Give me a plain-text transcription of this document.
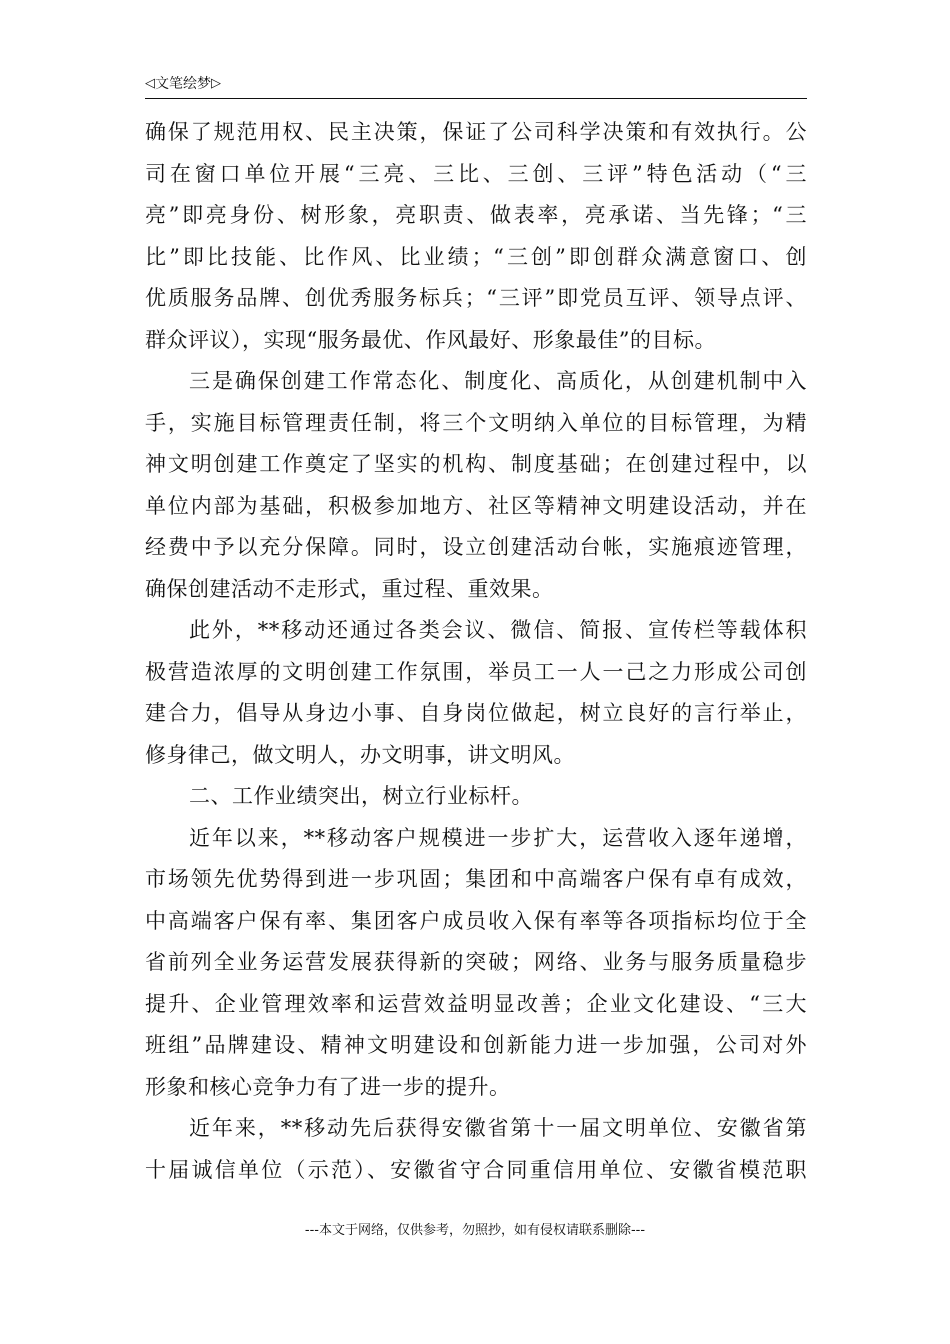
◁ 文笔绘梦 ▷
确保了规范用权、民主决策，保证了公司科学决策和有效执行。公
司在窗口单位开展“三亮、三比、三创、三评”特色活动（“三
亮”即亮身份、树形象，亮职责、做表率，亮承诺、当先锋；“三
比”即比技能、比作风、比业绩；“三创”即创群众满意窗口、创
优质服务品牌、创优秀服务标兵；“三评”即党员互评、领导点评、
群众评议），实现“服务最优、作风最好、形象最佳”的目标。
三是确保创建工作常态化、制度化、高质化，从创建机制中入
手，实施目标管理责任制，将三个文明纳入单位的目标管理，为精
神文明创建工作奠定了坚实的机构、制度基础；在创建过程中，以
单位内部为基础，积极参加地方、社区等精神文明建设活动，并在
经费中予以充分保障。同时，设立创建活动台帐，实施痕迹管理，
确保创建活动不走形式，重过程、重效果。
此外，**移动还通过各类会议、微信、简报、宣传栏等载体积
极营造浓厚的文明创建工作氛围，举员工一人一己之力形成公司创
建合力，倡导从身边小事、自身岗位做起，树立良好的言行举止，
修身律己，做文明人，办文明事，讲文明风。
二、工作业绩突出，树立行业标杆。
近年以来，**移动客户规模进一步扩大，运营收入逐年递增，
市场领先优势得到进一步巩固；集团和中高端客户保有卓有成效，
中高端客户保有率、集团客户成员收入保有率等各项指标均位于全
省前列全业务运营发展获得新的突破；网络、业务与服务质量稳步
提升、企业管理效率和运营效益明显改善；企业文化建设、“三大
班组”品牌建设、精神文明建设和创新能力进一步加强，公司对外
形象和核心竞争力有了进一步的提升。
近年来，**移动先后获得安徽省第十一届文明单位、安徽省第
十届诚信单位（示范）、安徽省守合同重信用单位、安徽省模范职
---本文于网络，仅供参考，勿照抄，如有侵权请联系删除---
